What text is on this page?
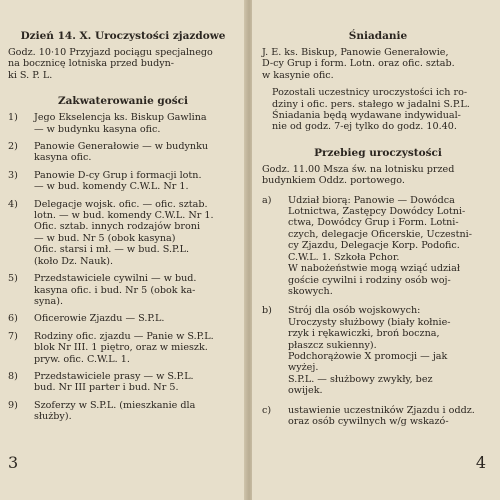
Dzień 14. X. Uroczystości zjazdowe
Godz. 10·10 Przyjazd pociągu specjalnego
na bocznicę lotniska przed budyn-
ki S. P. L.
Zakwaterowanie gości
1)	Jego Ekselencja ks. Biskup Gawlina
— w budynku kasyna ofic.
2)	Panowie Generałowie — w budynku
kasyna ofic.
3)	Panowie D-cy Grup i formacji lotn.
— w bud. komendy C.W.L. Nr 1.
4)	Delegacje wojsk. ofic. — ofic. sztab.
lotn. — w bud. komendy C.W.L. Nr 1.
Ofic. sztab. innych rodzajów broni
— w bud. Nr 5 (obok kasyna)
Ofic. starsi i mł. — w bud. S.P.L.
(koło Dz. Nauk).
5)	Przedstawiciele cywilni — w bud.
kasyna ofic. i bud. Nr 5 (obok ka-
syna).
6)	Oficerowie Zjazdu — S.P.L.
7)	Rodziny ofic. zjazdu — Panie w S.P.L.
blok Nr III. 1 piętro, oraz w mieszk.
pryw. ofic. C.W.L. 1.
8)	Przedstawiciele prasy — w S.P.L.
bud. Nr III parter i bud. Nr 5.
9)	Szoferzy w S.P.L. (mieszkanie dla
służby).
3
Śniadanie
J. E. ks. Biskup, Panowie Generałowie,
D-cy Grup i form. Lotn. oraz ofic. sztab.
w kasynie ofic.
Pozostali uczestnicy uroczystości ich ro-
dziny i ofic. pers. stałego w jadalni S.P.L.
Śniadania będą wydawane indywidual-
nie od godz. 7-ej tylko do godz. 10.40.
Przebieg uroczystości
Godz. 11.00 Msza św. na lotnisku przed
budynkiem Oddz. portowego.
a)	Udział biorą: Panowie — Dowódca
Lotnictwa, Zastępcy Dowódcy Lotni-
ctwa, Dowódcy Grup i Form. Lotni-
czych, delegacje Oficerskie, Uczestni-
cy Zjazdu, Delegacje Korp. Podofic.
C.W.L. 1. Szkoła Pchor.
W nabożeństwie mogą wziąć udział
goście cywilni i rodziny osób woj-
skowych.
b)	Strój dla osób wojskowych:
Uroczysty służbowy (biały kołnie-
rzyk i rękawiczki, broń boczna,
płaszcz sukienny).
Podchorążowie X promocji — jak
wyżej.
S.P.L. — służbowy zwykły, bez
owijek.
c)	ustawienie uczestników Zjazdu i oddz.
oraz osób cywilnych w/g wskazó-
4
